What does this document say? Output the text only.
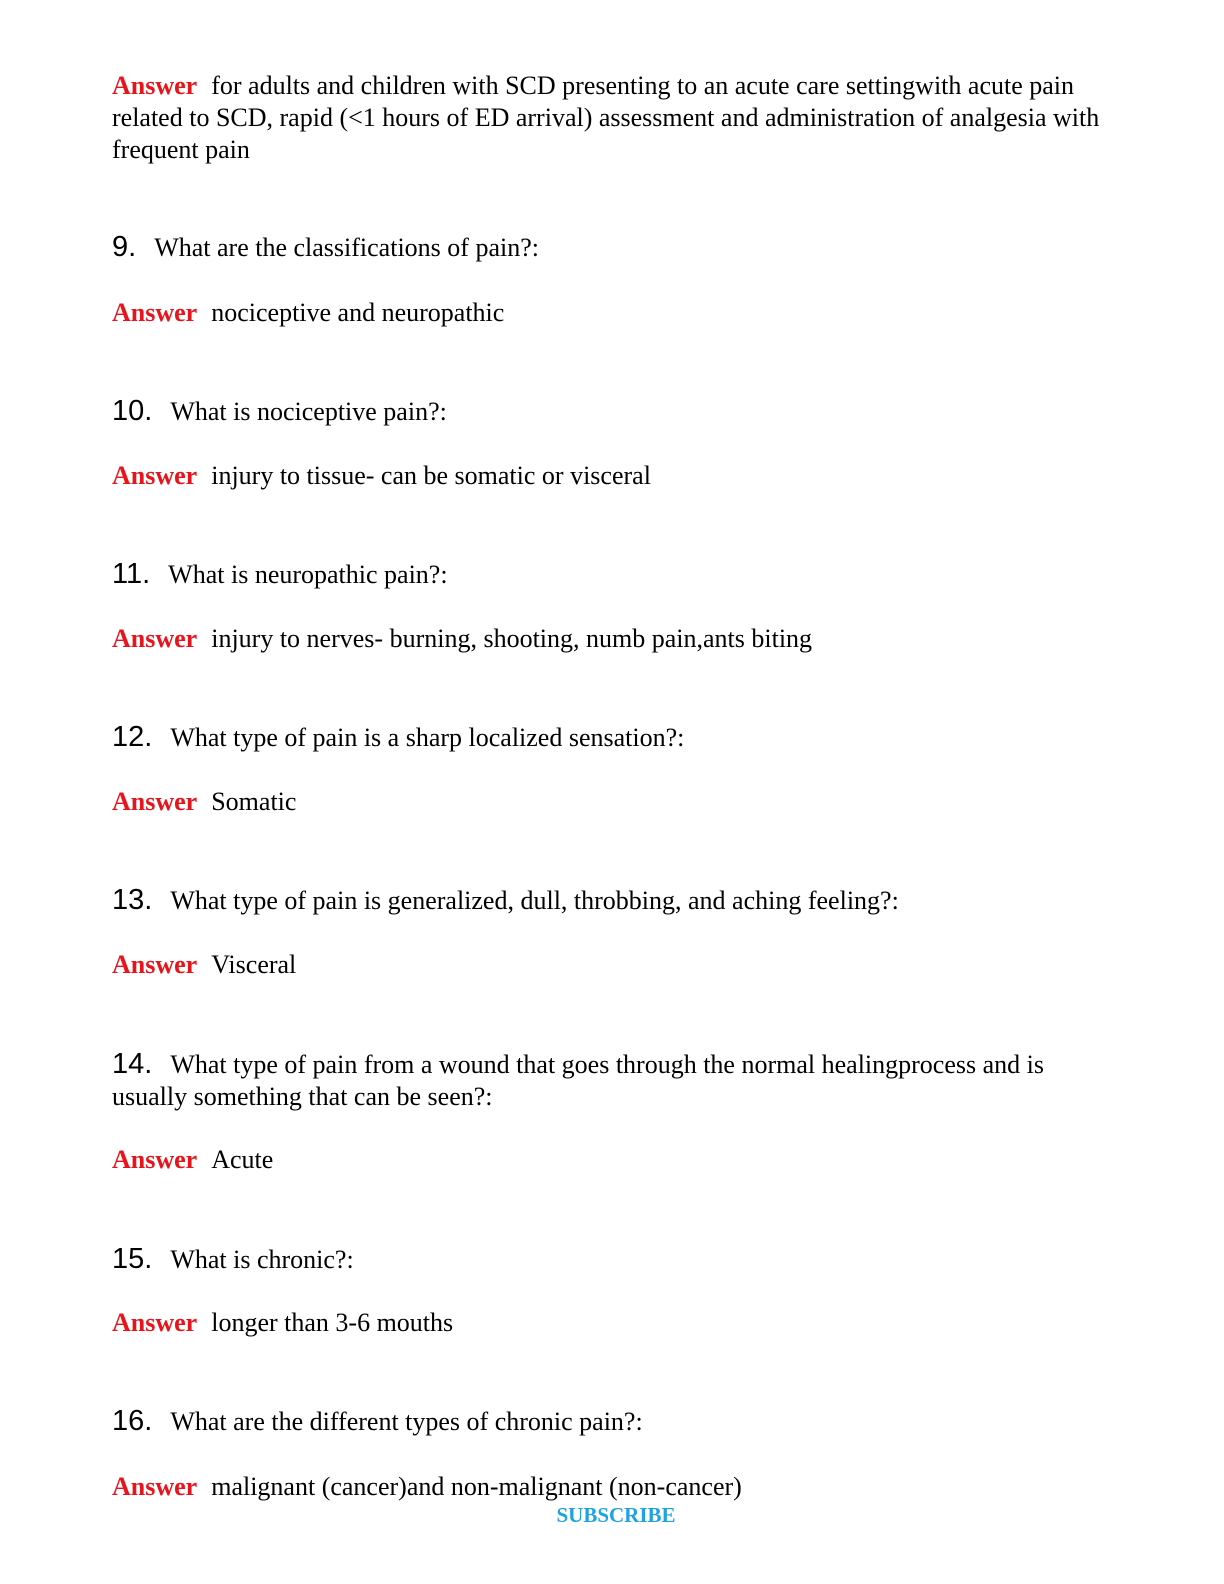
Answer for adults and children with SCD presenting to an acute care settingwith acute pain related to SCD, rapid (<1 hours of ED arrival) assessment and administration of analgesia with frequent pain
9. What are the classifications of pain?:
Answer nociceptive and neuropathic
10. What is nociceptive pain?:
Answer injury to tissue- can be somatic or visceral
11. What is neuropathic pain?:
Answer injury to nerves- burning, shooting, numb pain,ants biting
12. What type of pain is a sharp localized sensation?:
Answer Somatic
13. What type of pain is generalized, dull, throbbing, and aching feeling?:
Answer Visceral
14. What type of pain from a wound that goes through the normal healingprocess and is usually something that can be seen?:
Answer Acute
15. What is chronic?:
Answer longer than 3-6 mouths
16. What are the different types of chronic pain?:
Answer malignant (cancer)and non-malignant (non-cancer)
SUBSCRIBE
